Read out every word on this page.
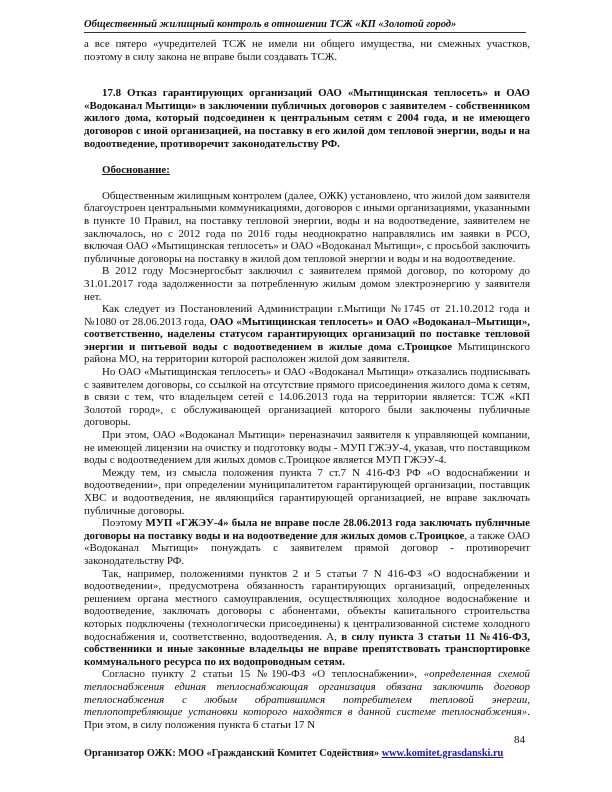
Общественный жилищный контроль в отношении ТСЖ «КП «Золотой город»

а все пятеро «учредителей ТСЖ не имели ни общего имущества, ни смежных участков, поэтому в силу закона не вправе были создавать ТСЖ.

17.8 Отказ гарантирующих организаций ОАО «Мытищинская теплосеть» и ОАО «Водоканал Мытищи» в заключении публичных договоров с заявителем - собственником жилого дома, который подсоединен к центральным сетям с 2004 года, и не имеющего договоров с иной организацией, на поставку в его жилой дом тепловой энергии, воды и на водоотведение, противоречит законодательству РФ.

Обоснование:

Общественным жилищным контролем (далее, ОЖК) установлено, что жилой дом заявителя благоустроен центральными коммуникациями, договоров с иными организациями, указанными в пункте 10 Правил, на поставку тепловой энергии, воды и на водоотведение, заявителем не заключалось, но с 2012 года по 2016 годы неоднократно направлялись им заявки в РСО, включая ОАО «Мытищинская теплосеть» и ОАО «Водоканал Мытищи», с просьбой заключить публичные договоры на поставку в жилой дом тепловой энергии и воды и на водоотведение.

В 2012 году Мосэнергосбыт заключил с заявителем прямой договор, по которому до 31.01.2017 года задолженности за потребленную жилым домом электроэнергию у заявителя нет.

Как следует из Постановлений Администрации г.Мытищи №1745 от 21.10.2012 года и №1080 от 28.06.2013 года, ОАО «Мытищинская теплосеть» и ОАО «Водоканал–Мытищи», соответственно, наделены статусом гарантирующих организаций по поставке тепловой энергии и питьевой воды с водоотведением в жилые дома с.Троицкое Мытищинского района МО, на территории которой расположен жилой дом заявителя.

Но ОАО «Мытищинская теплосеть» и ОАО «Водоканал Мытищи» отказались подписывать с заявителем договоры, со ссылкой на отсутствие прямого присоединения жилого дома к сетям, в связи с тем, что владельцем сетей с 14.06.2013 года на территории является: ТСЖ «КП Золотой город», с обслуживающей организацией которого были заключены публичные договоры.

При этом, ОАО «Водоканал Мытищи» переназначил заявителя к управляющей компании, не имеющей лицензии на очистку и подготовку воды - МУП ГЖЭУ-4, указав, что поставщиком воды с водоотведением для жилых домов с.Троицкое является МУП ГЖЭУ-4.

Между тем, из смысла положения пункта 7 ст.7 N 416-ФЗ РФ «О водоснабжении и водоотведении», при определении муниципалитетом гарантирующей организации, поставщик ХВС и водоотведения, не являющийся гарантирующей организацией, не вправе заключать публичные договоры.

Поэтому МУП «ГЖЭУ-4» была не вправе после 28.06.2013 года заключать публичные договоры на поставку воды и на водоотведение для жилых домов с.Троицкое, а также ОАО «Водоканал Мытищи» понуждать с заявителем прямой договор - противоречит законодательству РФ.

Так, например, положениями пунктов 2 и 5 статьи 7 N 416-ФЗ «О водоснабжении и водоотведении», предусмотрена обязанность гарантирующих организаций, определенных решением органа местного самоуправления, осуществляющих холодное водоснабжение и водоотведение, заключать договоры с абонентами, объекты капитального строительства которых подключены (технологически присоединены) к централизованной системе холодного водоснабжения и, соответственно, водоотведения. А, в силу пункта 3 статьи 11 №416-ФЗ, собственники и иные законные владельцы не вправе препятствовать транспортировке коммунального ресурса по их водопроводным сетям.

Согласно пункту 2 статьи 15 №190-ФЗ «О теплоснабжении», «определенная схемой теплоснабжения единая теплоснабжающая организация обязана заключить договор теплоснабжения с любым обратившимся потребителем тепловой энергии, теплопотребляющие установки которого находятся в данной системе теплоснабжения». При этом, в силу положения пункта 6 статьи 17 N

84
Организатор ОЖК: МОО «Гражданский Комитет Содействия» www.komitet.grasdanski.ru
